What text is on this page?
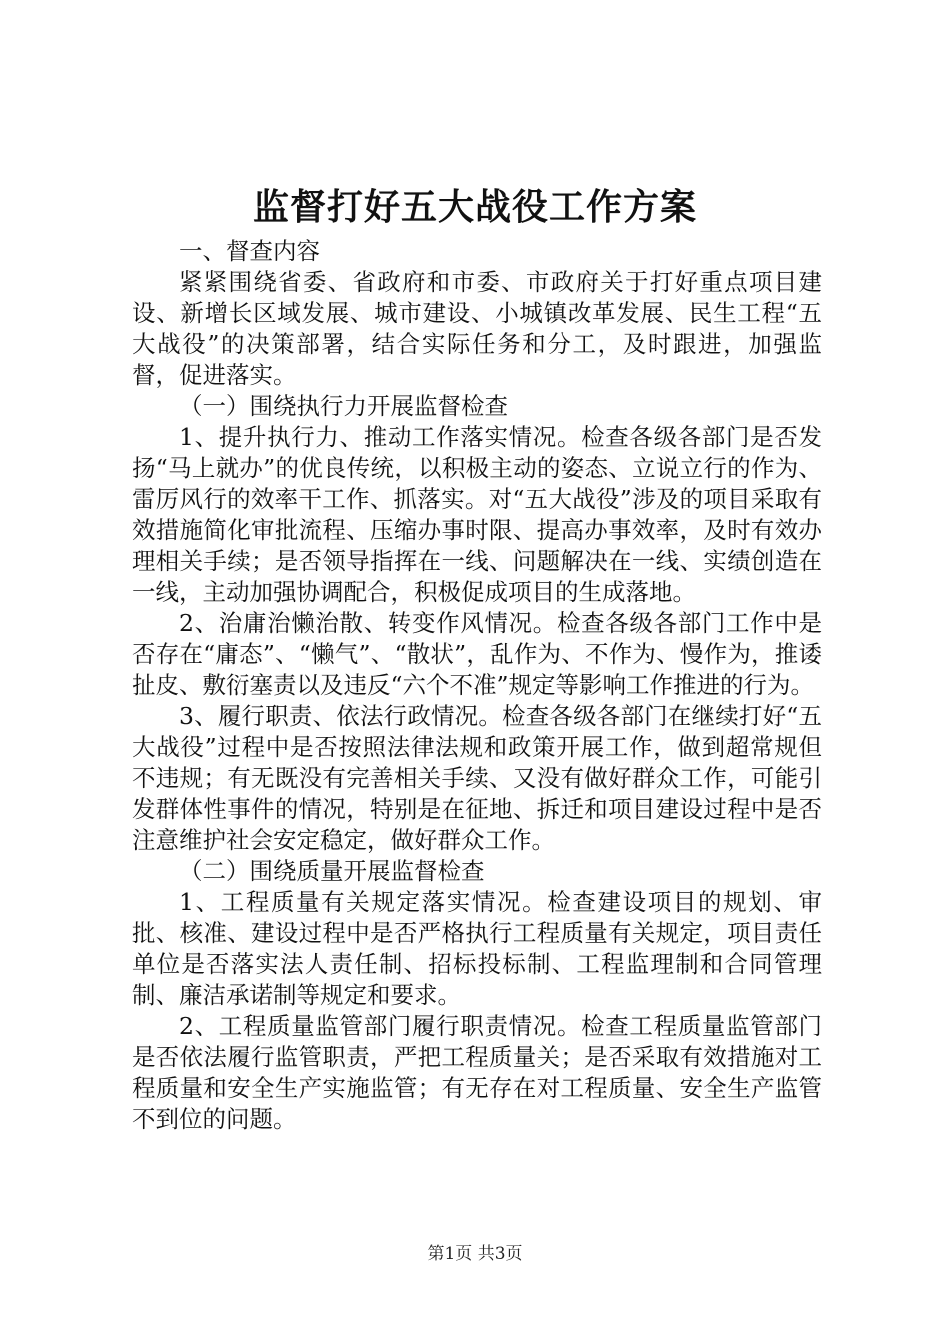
监督打好五大战役工作方案

一、督查内容

紧紧围绕省委、省政府和市委、市政府关于打好重点项目建设、新增长区域发展、城市建设、小城镇改革发展、民生工程“五大战役”的决策部署，结合实际任务和分工，及时跟进，加强监督，促进落实。

（一）围绕执行力开展监督检查

1、提升执行力、推动工作落实情况。检查各级各部门是否发扬“马上就办”的优良传统，以积极主动的姿态、立说立行的作为、雷厉风行的效率干工作、抓落实。对“五大战役”涉及的项目采取有效措施简化审批流程、压缩办事时限、提高办事效率，及时有效办理相关手续；是否领导指挥在一线、问题解决在一线、实绩创造在一线，主动加强协调配合，积极促成项目的生成落地。

2、治庸治懒治散、转变作风情况。检查各级各部门工作中是否存在“庸态”、“懒气”、“散状”，乱作为、不作为、慢作为，推诿扯皮、敷衍塞责以及违反“六个不准”规定等影响工作推进的行为。

3、履行职责、依法行政情况。检查各级各部门在继续打好“五大战役”过程中是否按照法律法规和政策开展工作，做到超常规但不违规；有无既没有完善相关手续、又没有做好群众工作，可能引发群体性事件的情况，特别是在征地、拆迁和项目建设过程中是否注意维护社会安定稳定，做好群众工作。

（二）围绕质量开展监督检查

1、工程质量有关规定落实情况。检查建设项目的规划、审批、核准、建设过程中是否严格执行工程质量有关规定，项目责任单位是否落实法人责任制、招标投标制、工程监理制和合同管理制、廉洁承诺制等规定和要求。

2、工程质量监管部门履行职责情况。检查工程质量监管部门是否依法履行监管职责，严把工程质量关；是否采取有效措施对工程质量和安全生产实施监管；有无存在对工程质量、安全生产监管不到位的问题。

第1页 共3页
